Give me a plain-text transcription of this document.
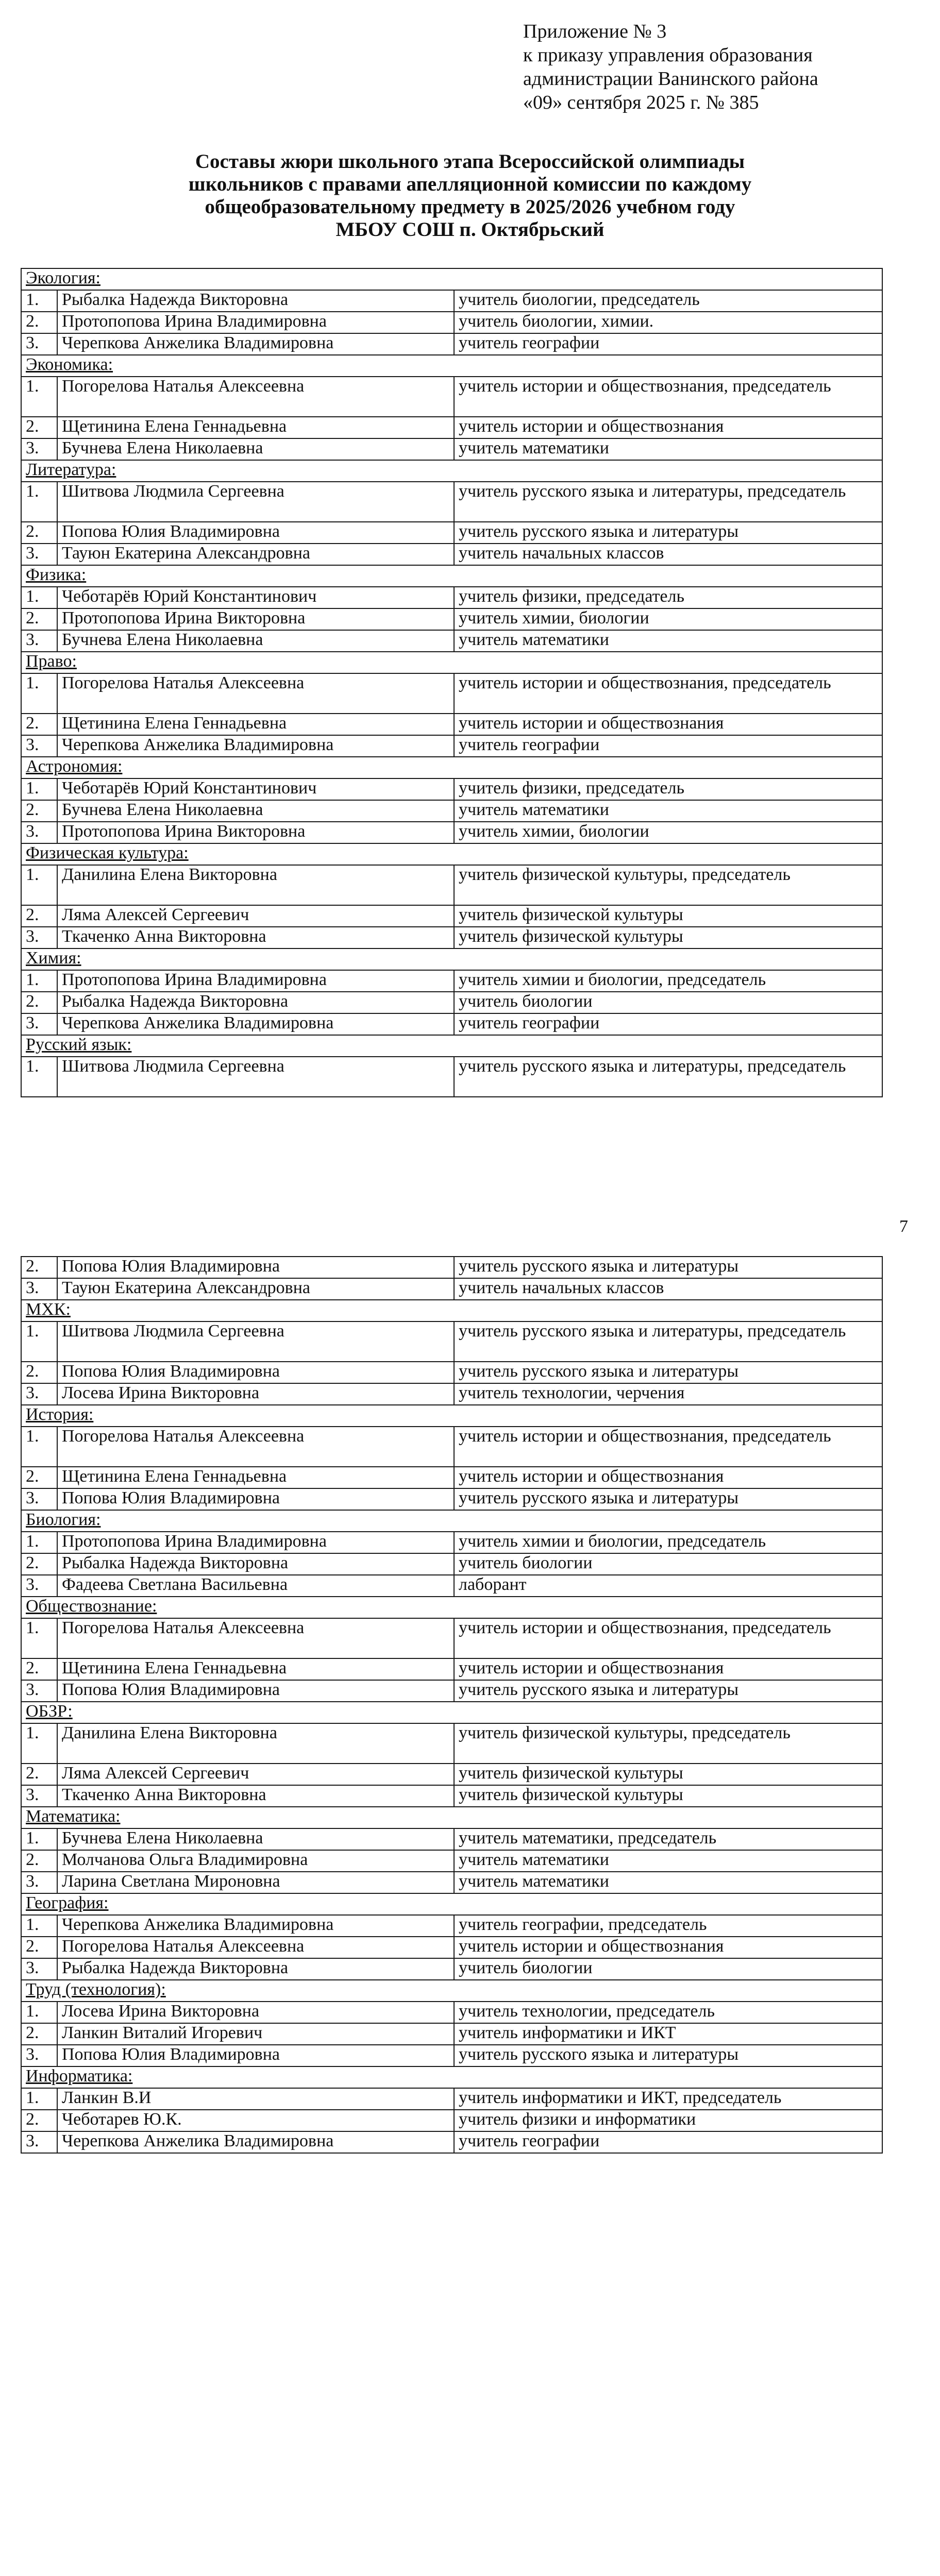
Приложение № 3
к приказу управления образования
администрации Ванинского района
«09» сентября 2025 г. № 385
Составы жюри школьного этапа Всероссийской олимпиады
школьников с правами апелляционной комиссии по каждому
общеобразовательному предмету в 2025/2026 учебном году
МБОУ СОШ п. Октябрьский
Экология:		
1.	Рыбалка Надежда Викторовна	учитель биологии, председатель
2.	Протопопова Ирина Владимировна	учитель биологии, химии.
3.	Черепкова Анжелика Владимировна	учитель географии
Экономика:		
1.	Погорелова Наталья Алексеевна	учитель истории и обществознания, председатель
2.	Щетинина Елена Геннадьевна	учитель истории и обществознания
3.	Бучнева Елена Николаевна	учитель математики
Литература:		
1.	Шитвова Людмила Сергеевна	учитель русского языка и литературы, председатель
2.	Попова Юлия Владимировна	учитель русского языка и литературы
3.	Тауюн Екатерина Александровна	учитель начальных классов
Физика:		
1.	Чеботарёв Юрий Константинович	учитель физики, председатель
2.	Протопопова Ирина Викторовна	учитель химии, биологии
3.	Бучнева Елена Николаевна	учитель математики
Право:		
1.	Погорелова Наталья Алексеевна	учитель истории и обществознания, председатель
2.	Щетинина Елена Геннадьевна	учитель истории и обществознания
3.	Черепкова Анжелика Владимировна	учитель географии
Астрономия:		
1.	Чеботарёв Юрий Константинович	учитель физики, председатель
2.	Бучнева Елена Николаевна	учитель математики
3.	Протопопова Ирина Викторовна	учитель химии, биологии
Физическая культура:		
1.	Данилина Елена Викторовна	учитель физической культуры, председатель
2.	Ляма Алексей Сергеевич	учитель физической культуры
3.	Ткаченко Анна Викторовна	учитель физической культуры
Химия:		
1.	Протопопова Ирина Владимировна	учитель химии и биологии, председатель
2.	Рыбалка Надежда Викторовна	учитель биологии
3.	Черепкова Анжелика Владимировна	учитель географии
Русский язык:		
1.	Шитвова Людмила Сергеевна	учитель русского языка и литературы, председатель
7
2.	Попова Юлия Владимировна	учитель русского языка и литературы
3.	Тауюн Екатерина Александровна	учитель начальных классов
МХК:		
1.	Шитвова Людмила Сергеевна	учитель русского языка и литературы, председатель
2.	Попова Юлия Владимировна	учитель русского языка и литературы
3.	Лосева Ирина Викторовна	учитель технологии, черчения
История:		
1.	Погорелова Наталья Алексеевна	учитель истории и обществознания, председатель
2.	Щетинина Елена Геннадьевна	учитель истории и обществознания
3.	Попова Юлия Владимировна	учитель русского языка и литературы
Биология:		
1.	Протопопова Ирина Владимировна	учитель химии и биологии, председатель
2.	Рыбалка Надежда Викторовна	учитель биологии
3.	Фадеева Светлана Васильевна	лаборант
Обществознание:		
1.	Погорелова Наталья Алексеевна	учитель истории и обществознания, председатель
2.	Щетинина Елена Геннадьевна	учитель истории и обществознания
3.	Попова Юлия Владимировна	учитель русского языка и литературы
ОБЗР:		
1.	Данилина Елена Викторовна	учитель физической культуры, председатель
2.	Ляма Алексей Сергеевич	учитель физической культуры
3.	Ткаченко Анна Викторовна	учитель физической культуры
Математика:		
1.	Бучнева Елена Николаевна	учитель математики, председатель
2.	Молчанова Ольга Владимировна	учитель математики
3.	Ларина Светлана Мироновна	учитель математики
География:		
1.	Черепкова Анжелика Владимировна	учитель географии, председатель
2.	Погорелова Наталья Алексеевна	учитель истории и обществознания
3.	Рыбалка Надежда Викторовна	учитель биологии
Труд (технология):		
1.	Лосева Ирина Викторовна	учитель технологии, председатель
2.	Ланкин Виталий Игоревич	учитель информатики и ИКТ
3.	Попова Юлия Владимировна	учитель русского языка и литературы
Информатика:		
1.	Ланкин В.И	учитель информатики и ИКТ, председатель
2.	Чеботарев Ю.К.	учитель физики и информатики
3.	Черепкова Анжелика Владимировна	учитель географии
